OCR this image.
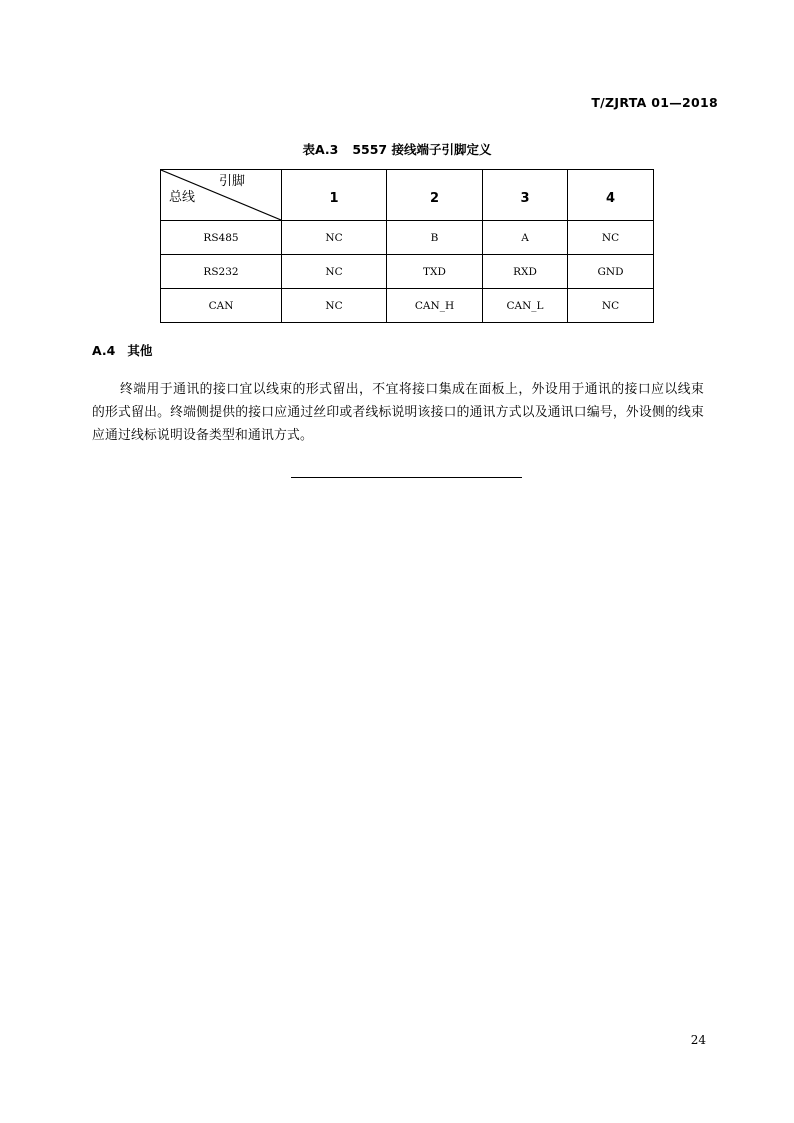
T/ZJRTA 01—2018
表A.3 5557 接线端子引脚定义
引脚
总线	1	2	3	4
RS485	NC	B	A	NC
RS232	NC	TXD	RXD	GND
CAN	NC	CAN_H	CAN_L	NC
A.4 其他
终端用于通讯的接口宜以线束的形式留出，不宜将接口集成在面板上，外设用于通讯的接口应以线束的形式留出。终端侧提供的接口应通过丝印或者线标说明该接口的通讯方式以及通讯口编号，外设侧的线束应通过线标说明设备类型和通讯方式。
24
